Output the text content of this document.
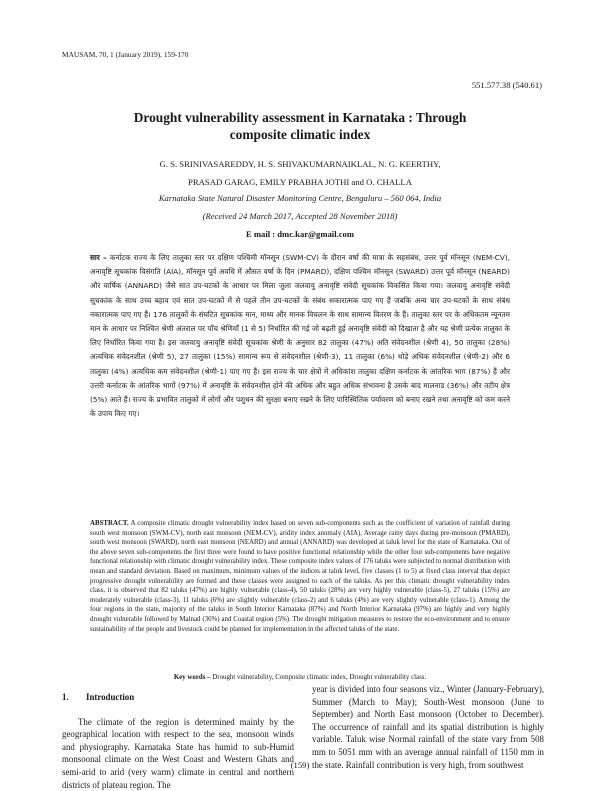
MAUSAM, 70, 1 (January 2019), 159-170
551.577.38 (540.61)
Drought vulnerability assessment in Karnataka : Through
composite climatic index
G. S. SRINIVASAREDDY, H. S. SHIVAKUMARNAIKLAL, N. G. KEERTHY,
PRASAD GARAG, EMILY PRABHA JOTHI and O. CHALLA
Karnataka State Natural Disaster Monitoring Centre, Bengaluru – 560 064, India
(Received 24 March 2017, Accepted 28 November 2018)
E mail : dmc.kar@gmail.com
सार – कर्नाटक राज्य के लिए तालुका स्तर पर दक्षिण पश्चिमी मॉनसून (SWM-CV) के दौरान वर्षा की मात्रा के सहसंबंध, उत्तर पूर्व मॉनसून (NEM-CV), अनावृष्टि सूचकांक विसंगति (AIA), मॉनसून पूर्व अवधि में औसत वर्षा के दिन (PMARD), दक्षिण पश्चिम मॉनसून (SWARD) उत्तर पूर्व मॉनसून (NEARD) और वार्षिक (ANNARD) जैसे सात उप-घटकों के आधार पर मिला जुला जलवायु अनावृष्टि संवेदी सूचकांक विकसित किया गया। जलवायु अनावृष्टि संवेदी सूचकांक के साथ उच्च बहाव एवं सात उप-घटकों में से पहले तीन उप-घटकों के संबंध सकारात्मक पाए गए हैं जबकि अन्य चार उप-घटकों के साथ संबंध नकारात्मक पाए गए हैं। 176 तालुकों के संघटित सूचकांक मान, माध्य और मानक विचलन के साथ सामान्य वितरण के हैं। तालुका स्तर पर के अधिकतम न्यूनतम मान के आधार पर निश्चित श्रेणी अंतराल पर पाँच श्रेणियाँ (1 से 5) निर्धारित की गई जो बढ़ती हुई अनावृष्टि संवेदी को दिखाता है और यह श्रेणी प्रत्येक तालुका के लिए निर्धारित किया गया है। इस जलवायु अनावृष्टि संवेदी सूचकांक श्रेणी के अनुसार 82 तालुका (47%) अति संवेदनशील (श्रेणी 4), 50 तालुका (28%) अत्यधिक संवेदनशील (श्रेणी 5), 27 तालुका (15%) सामान्य रूप से संवेदनशील (श्रेणी-3), 11 तालुका (6%) थोड़े अधिक संवेदनशील (श्रेणी-2) और 6 तालुका (4%) अत्यधिक कम संवेदनशील (श्रेणी-1) पाए गए हैं। इस राज्य के चार क्षेत्रों में अधिकांश तालुका दक्षिण कर्नाटक के आंतरिक भाग (87%) हैं और उत्तरी कर्नाटक के आंतरिक भागों (97%) में अनावृष्टि के संवेदनशील होने की अधिक और बहुत अधिक संभावना है उसके बाद मालनाड (36%) और तटीय क्षेत्र (5%) आते हैं। राज्य के प्रभावित तालुकों में लोगों और पशुधन की सुरक्षा बनाए रखने के लिए पारिस्थितिक पर्यावरण को बनाए रखने तथा अनावृष्टि को कम करने के उपाय किए गए।
ABSTRACT. A composite climatic drought vulnerability index based on seven sub-components such as the coefficient of variation of rainfall during south west monsoon (SWM-CV), north east monsoon (NEM-CV), aridity index anomaly (AIA), Average rainy days during pre-monsoon (PMARD), south west monsoon (SWARD), north east monsoon (NEARD) and annual (ANNARD) was developed at taluk level for the state of Karnataka. Out of the above seven sub-components the first three were found to have positive functional relationship while the other four sub-components have negative functional relationship with climatic drought vulnerability index. These composite index values of 176 taluks were subjected to normal distribution with mean and standard deviation. Based on maximum, minimum values of the indices at taluk level, five classes (1 to 5) at fixed class interval that depict progressive drought vulnerability are formed and these classes were assigned to each of the taluks. As per this climatic drought vulnerability index class, it is observed that 82 taluks (47%) are highly vulnerable (class-4), 50 taluks (28%) are very highly vulnerable (class-5), 27 taluks (15%) are moderately vulnerable (class-3), 11 taluks (6%) are slightly vulnerable (class-2) and 6 taluks (4%) are very slightly vulnerable (class-1). Among the four regions in the state, majority of the taluks in South Interior Karnataka (87%) and North Interior Karnataka (97%) are highly and very highly drought vulnerable followed by Malnad (36%) and Coastal region (5%). The drought mitigation measures to restore the eco-environment and to ensure sustainability of the people and livestock could be planned for implementation in the affected taluks of the state.
Key words – Drought vulnerability, Composite climatic index, Drought vulnerability class.
1.	Introduction

The climate of the region is determined mainly by the geographical location with respect to the sea, monsoon winds and physiography. Karnataka State has humid to sub-Humid monsoonal climate on the West Coast and Western Ghats and semi-arid to arid (very warm) climate in central and northern districts of plateau region. The

year is divided into four seasons viz., Winter (January-February), Summer (March to May); South-West monsoon (June to September) and North East monsoon (October to December). The occurrence of rainfall and its spatial distribution is highly variable. Taluk wise Normal rainfall of the state vary from 508 mm to 5051 mm with an average annual rainfall of 1150 mm in the state. Rainfall contribution is very high, from southwest

(159)
